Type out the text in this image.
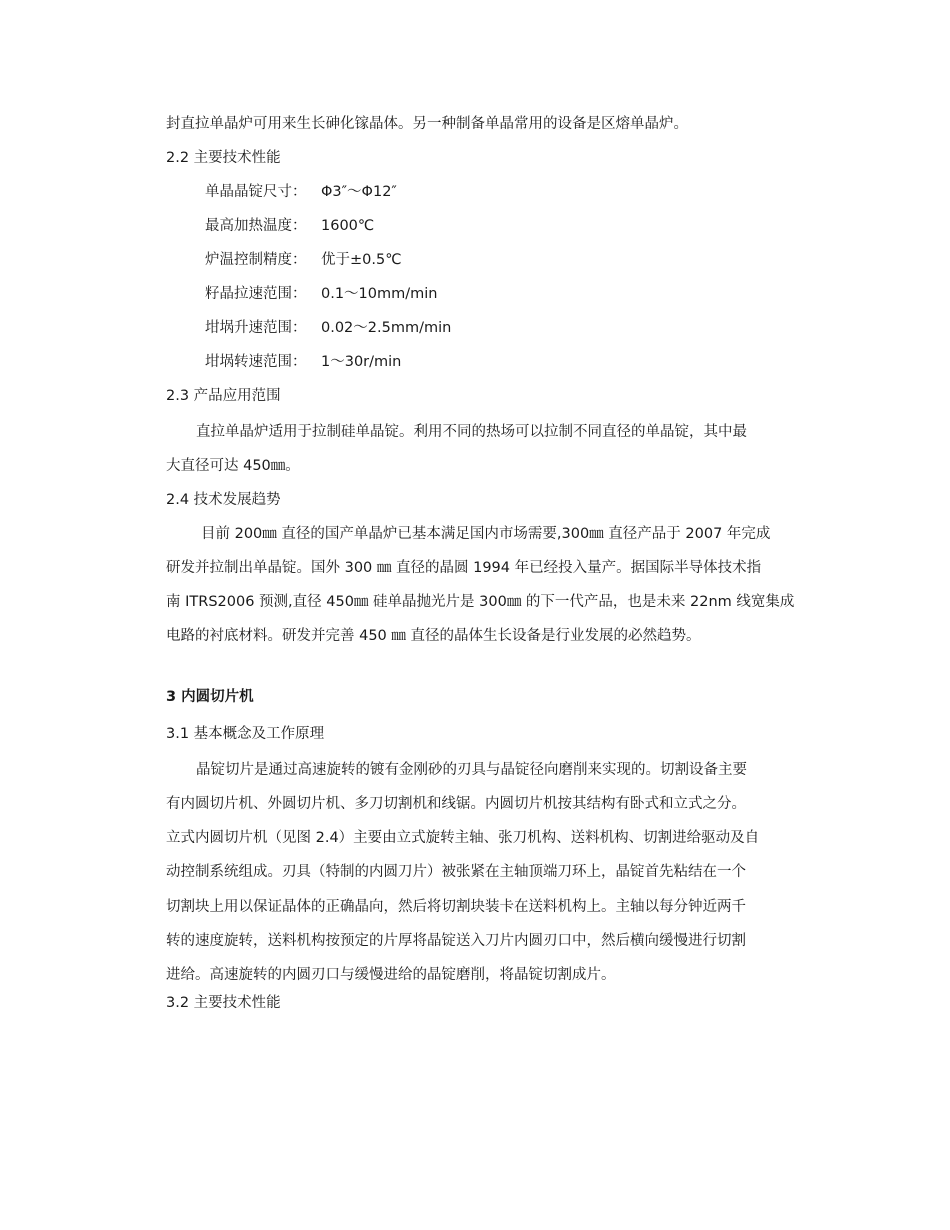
封直拉单晶炉可用来生长砷化镓晶体。另一种制备单晶常用的设备是区熔单晶炉。
2.2 主要技术性能
单晶晶锭尺寸： Φ3″～Φ12″
最高加热温度： 1600℃
炉温控制精度： 优于±0.5℃
籽晶拉速范围： 0.1～10mm/min
坩埚升速范围： 0.02～2.5mm/min
坩埚转速范围： 1～30r/min
2.3 产品应用范围
直拉单晶炉适用于拉制硅单晶锭。利用不同的热场可以拉制不同直径的单晶锭，其中最
大直径可达 450㎜。
2.4 技术发展趋势
目前 200㎜ 直径的国产单晶炉已基本满足国内市场需要,300㎜ 直径产品于 2007 年完成
研发并拉制出单晶锭。国外 300 ㎜ 直径的晶圆 1994 年已经投入量产。据国际半导体技术指
南 ITRS2006 预测,直径 450㎜ 硅单晶抛光片是 300㎜ 的下一代产品，也是未来 22nm 线宽集成
电路的衬底材料。研发并完善 450 ㎜ 直径的晶体生长设备是行业发展的必然趋势。
3 内圆切片机
3.1 基本概念及工作原理
晶锭切片是通过高速旋转的镀有金刚砂的刃具与晶锭径向磨削来实现的。切割设备主要
有内圆切片机、外圆切片机、多刀切割机和线锯。内圆切片机按其结构有卧式和立式之分。
立式内圆切片机（见图 2.4）主要由立式旋转主轴、张刀机构、送料机构、切割进给驱动及自
动控制系统组成。刃具（特制的内圆刀片）被张紧在主轴顶端刀环上，晶锭首先粘结在一个
切割块上用以保证晶体的正确晶向，然后将切割块装卡在送料机构上。主轴以每分钟近两千
转的速度旋转，送料机构按预定的片厚将晶锭送入刀片内圆刃口中，然后横向缓慢进行切割
进给。高速旋转的内圆刃口与缓慢进给的晶锭磨削，将晶锭切割成片。
3.2 主要技术性能
